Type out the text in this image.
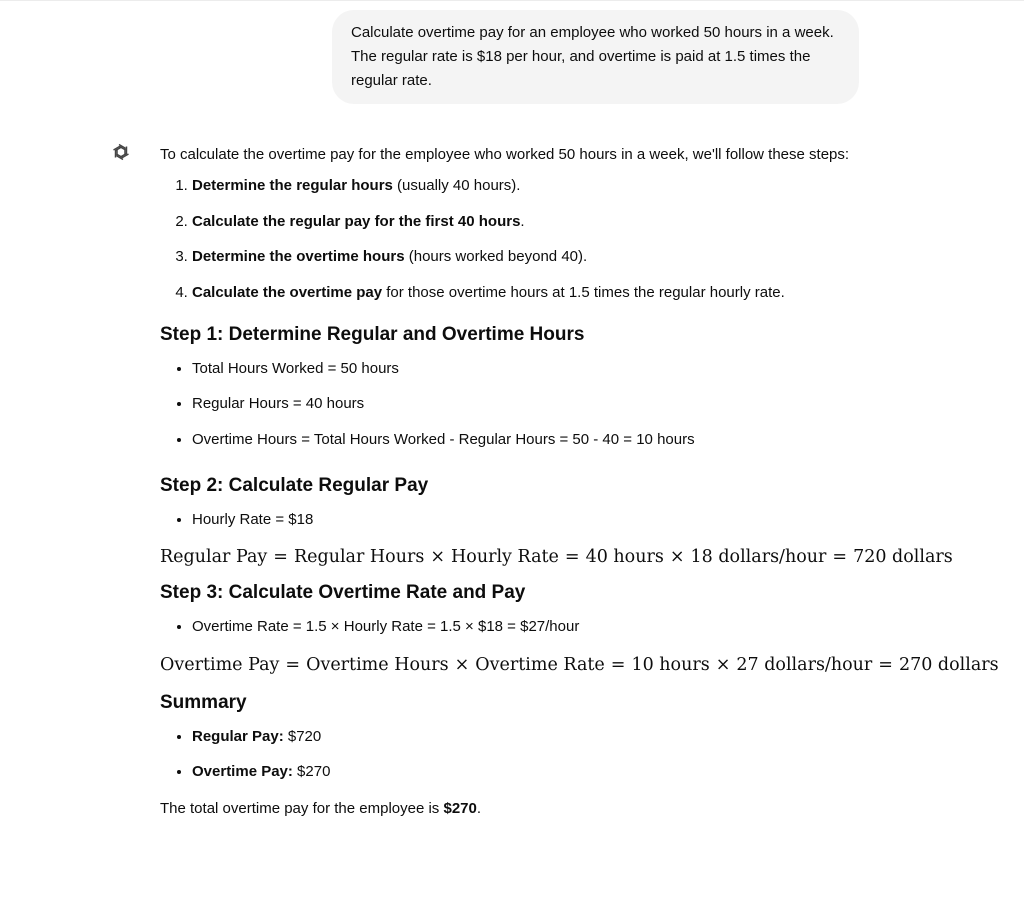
Calculate overtime pay for an employee who worked 50 hours in a week. The regular rate is $18 per hour, and overtime is paid at 1.5 times the regular rate.

To calculate the overtime pay for the employee who worked 50 hours in a week, we'll follow these steps:

1. Determine the regular hours (usually 40 hours).
2. Calculate the regular pay for the first 40 hours.
3. Determine the overtime hours (hours worked beyond 40).
4. Calculate the overtime pay for those overtime hours at 1.5 times the regular hourly rate.
Step 1: Determine Regular and Overtime Hours
• Total Hours Worked = 50 hours
• Regular Hours = 40 hours
• Overtime Hours = Total Hours Worked - Regular Hours = 50 - 40 = 10 hours
Step 2: Calculate Regular Pay
• Hourly Rate = $18
Regular Pay = Regular Hours × Hourly Rate = 40 hours × 18 dollars/hour = 720 dollars
Step 3: Calculate Overtime Rate and Pay
• Overtime Rate = 1.5 × Hourly Rate = 1.5 × $18 = $27/hour
Overtime Pay = Overtime Hours × Overtime Rate = 10 hours × 27 dollars/hour = 270 dollars
Summary
• Regular Pay: $720
• Overtime Pay: $270

The total overtime pay for the employee is $270.
